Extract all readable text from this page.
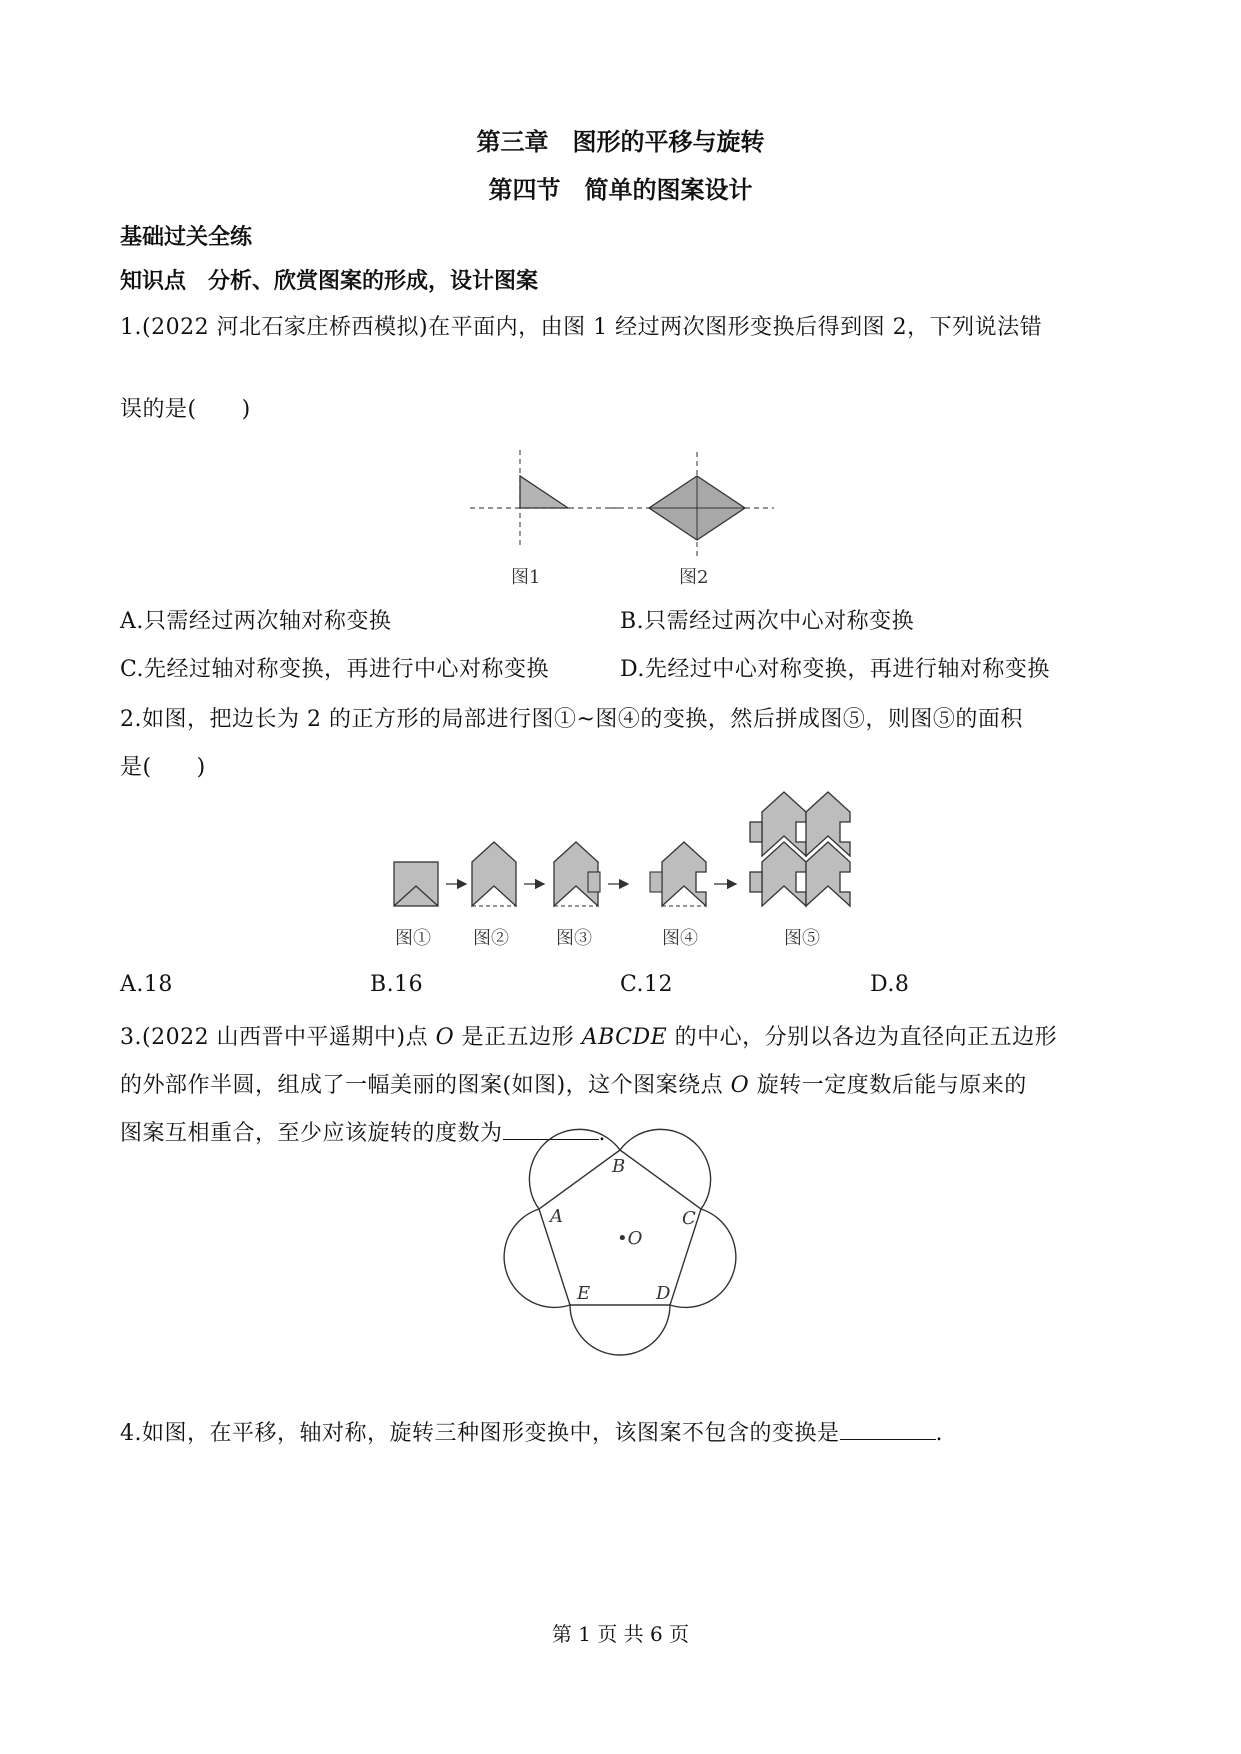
第三章　图形的平移与旋转
第四节　简单的图案设计
基础过关全练
知识点　分析、欣赏图案的形成，设计图案
1.(2022 河北石家庄桥西模拟)在平面内，由图 1 经过两次图形变换后得到图 2，下列说法错
误的是(　　)
图1	图2
A.只需经过两次轴对称变换	B.只需经过两次中心对称变换
C.先经过轴对称变换，再进行中心对称变换	D.先经过中心对称变换，再进行轴对称变换
2.如图，把边长为 2 的正方形的局部进行图①~图④的变换，然后拼成图⑤，则图⑤的面积
是(　　)
图① 图②	图③	图④	图⑤
A.18	B.16	C.12	D.8
3.(2022 山西晋中平遥期中)点 O 是正五边形 ABCDE 的中心，分别以各边为直径向正五边形
的外部作半圆，组成了一幅美丽的图案(如图)，这个图案绕点 O 旋转一定度数后能与原来的
图案互相重合，至少应该旋转的度数为	.
B
C
D
E
A
•O
4.如图，在平移，轴对称，旋转三种图形变换中，该图案不包含的变换是	.
第 1 页 共 6 页
